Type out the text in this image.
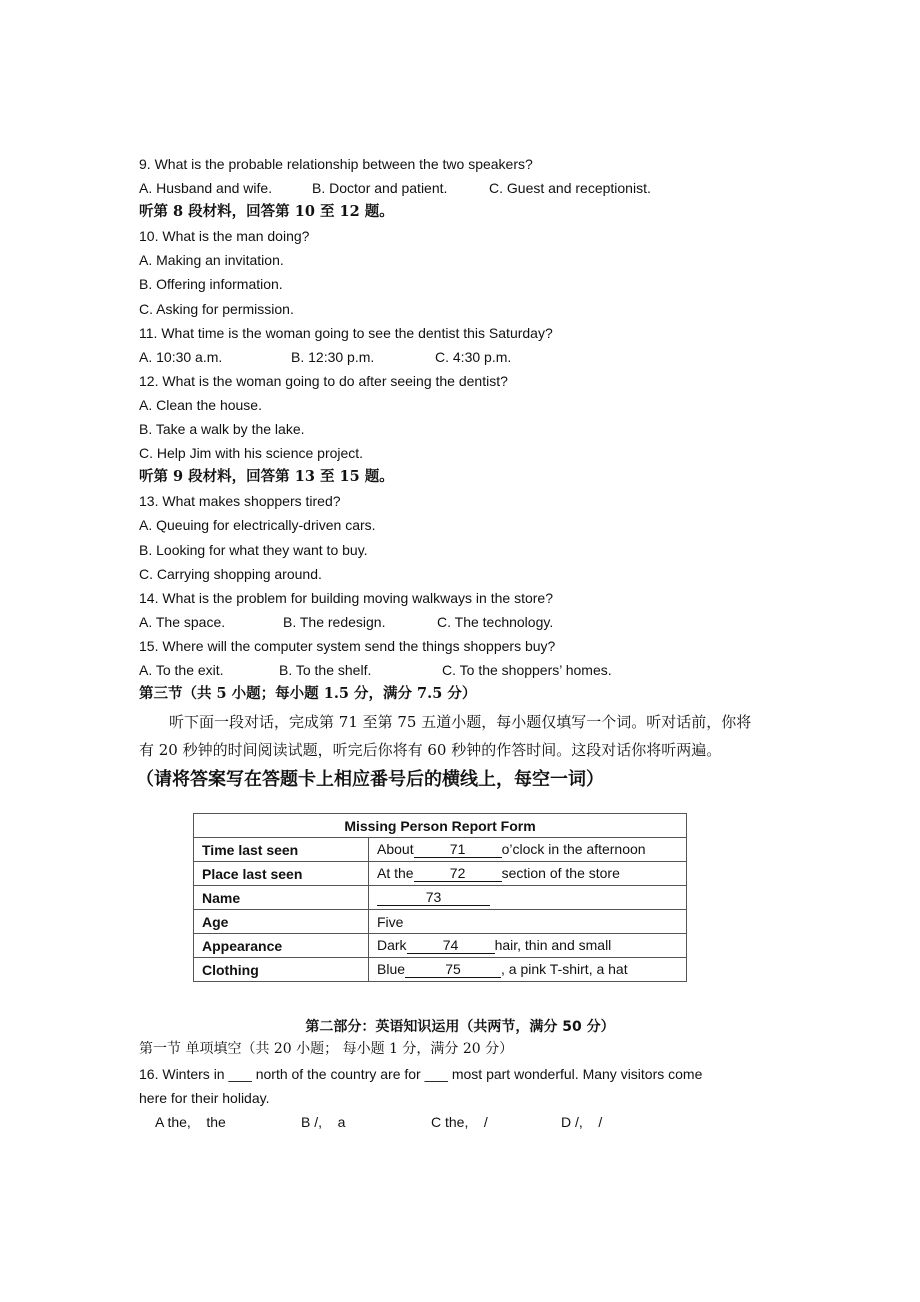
9. What is the probable relationship between the two speakers?
A. Husband and wife.	B. Doctor and patient.	C. Guest and receptionist.
听第 8 段材料，回答第 10 至 12 题。
10. What is the man doing?
A. Making an invitation.
B. Offering information.
C. Asking for permission.
11. What time is the woman going to see the dentist this Saturday?
A. 10:30 a.m.	B. 12:30 p.m.	C. 4:30 p.m.
12. What is the woman going to do after seeing the dentist?
A. Clean the house.
B. Take a walk by the lake.
C. Help Jim with his science project.
听第 9 段材料，回答第 13 至 15 题。
13. What makes shoppers tired?
A. Queuing for electrically-driven cars.
B. Looking for what they want to buy.
C. Carrying shopping around.
14. What is the problem for building moving walkways in the store?
A. The space.	B. The redesign.	C. The technology.
15. Where will the computer system send the things shoppers buy?
A. To the exit.	B. To the shelf.	C. To the shoppers’ homes.
第三节（共 5 小题；每小题 1.5 分，满分 7.5 分）
听下面一段对话，完成第 71 至第 75 五道小题，每小题仅填写一个词。听对话前，你将
有 20 秒钟的时间阅读试题，听完后你将有 60 秒钟的作答时间。这段对话你将听两遍。
（请将答案写在答题卡上相应番号后的横线上，每空一词）
Missing Person Report Form	
Time last seen	About 71 o’clock in the afternoon
Place last seen	At the 72 section of the store
Name	73
Age	Five
Appearance	Dark 74 hair, thin and small
Clothing	Blue 75 , a pink T-shirt, a hat
第二部分：英语知识运用（共两节，满分 50 分）
第一节 单项填空（共 20 小题； 每小题 1 分，满分 20 分）
16. Winters in ___ north of the country are for ___ most part wonderful. Many visitors come
here for their holiday.
A the,    the	B /,    a	C the,    /	D /,    /
